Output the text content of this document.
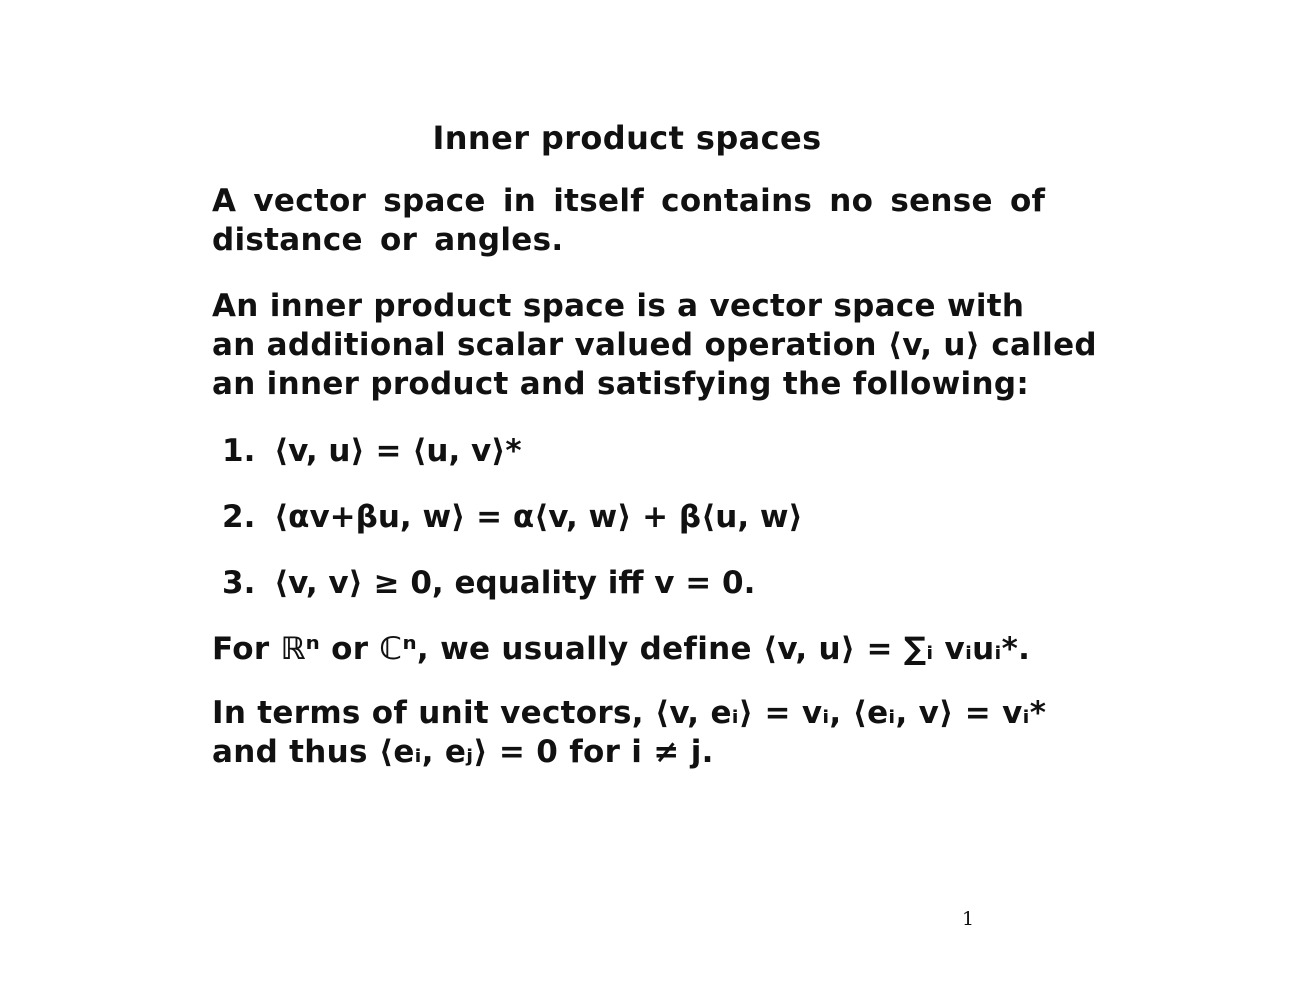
Inner product spaces
A vector space in itself contains no sense of
distance or angles.
An inner product space is a vector space with
an additional scalar valued operation ⟨v, u⟩ called
an inner product and satisfying the following:
1. ⟨v, u⟩ = ⟨u, v⟩*
2. ⟨αv+βu, w⟩ = α⟨v, w⟩ + β⟨u, w⟩
3. ⟨v, v⟩ ≥ 0, equality iff v = 0.
For ℝⁿ or ℂⁿ, we usually define ⟨v, u⟩ = ∑ᵢ vᵢuᵢ*.
In terms of unit vectors, ⟨v, eᵢ⟩ = vᵢ, ⟨eᵢ, v⟩ = vᵢ*
and thus ⟨eᵢ, eⱼ⟩ = 0 for i ≠ j.
1
